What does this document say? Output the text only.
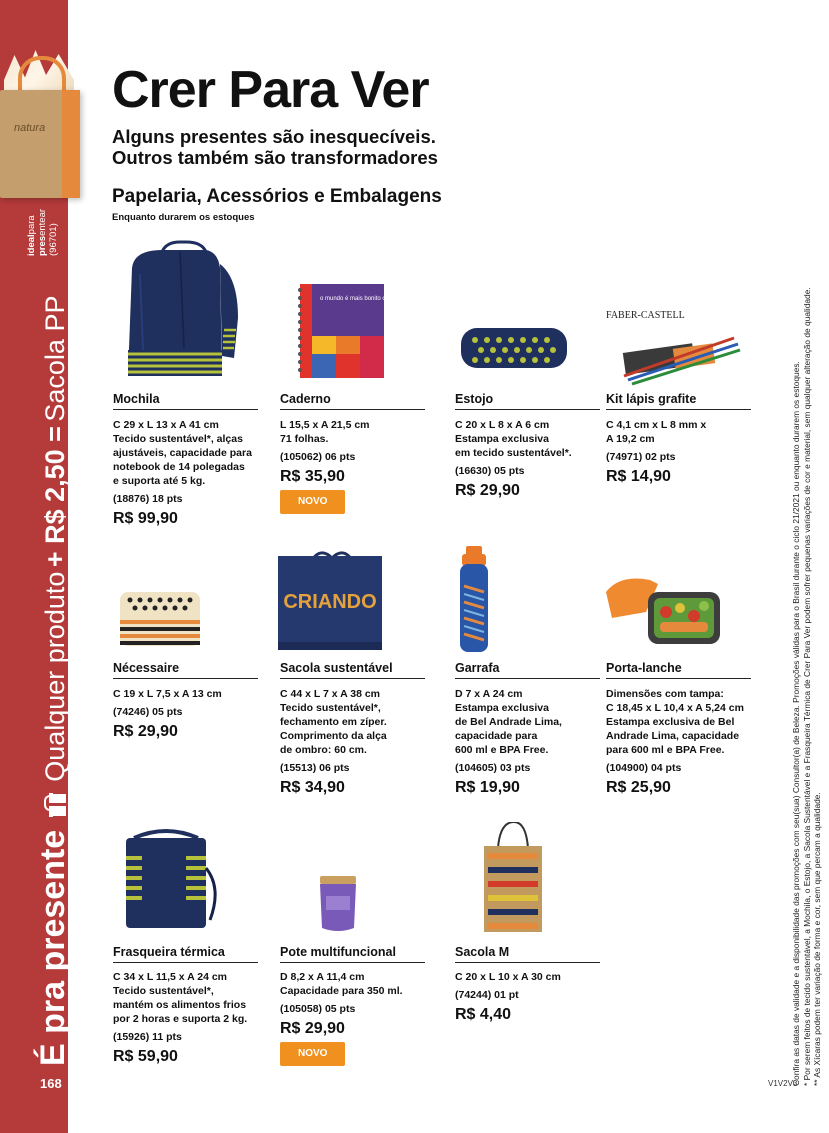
natura
idealpara
presentear
(96701)
É pra presente
Qualquer produto

+ R$ 2,50 =

Sacola PP
168
Crer Para Ver
Alguns presentes são inesquecíveis.
Outros também são transformadores
Papelaria, Acessórios e Embalagens
Enquanto durarem os estoques
Mochila
C 29 x L 13 x A 41 cm
Tecido sustentável*, alças
ajustáveis, capacidade para
notebook de 14 polegadas
e suporta até 5 kg.
(18876) 18 pts
R$ 99,90
o mundo é mais bonito com você.
Caderno
L 15,5 x A 21,5 cm
71 folhas.
(105062) 06 pts
R$ 35,90
NOVO
Estojo
C 20 x L 8 x A 6 cm
Estampa exclusiva
em tecido sustentável*.
(16630) 05 pts
R$ 29,90
FABER-CASTELL
Kit lápis grafite
C 4,1 cm x L 8 mm x
A 19,2 cm
(74971) 02 pts
R$ 14,90
Nécessaire
C 19 x L 7,5 x A 13 cm
(74246) 05 pts
R$ 29,90
CRIANDO
Sacola sustentável
C 44 x L 7 x A 38 cm
Tecido sustentável*,
fechamento em zíper.
Comprimento da alça
de ombro: 60 cm.
(15513) 06 pts
R$ 34,90
Garrafa
D 7 x A 24 cm
Estampa exclusiva
de Bel Andrade Lima,
capacidade para
600 ml e BPA Free.
(104605) 03 pts
R$ 19,90
Porta-lanche
Dimensões com tampa:
C 18,45 x L 10,4 x A 5,24 cm
Estampa exclusiva de Bel
Andrade Lima, capacidade
para 600 ml e BPA Free.
(104900) 04 pts
R$ 25,90
Frasqueira térmica
C 34 x L 11,5 x A 24 cm
Tecido sustentável*,
mantém os alimentos frios
por 2 horas e suporta 2 kg.
(15926) 11 pts
R$ 59,90
Pote multifuncional
D 8,2 x A 11,4 cm
Capacidade para 350 ml.
(105058) 05 pts
R$ 29,90
NOVO
Sacola M
C 20 x L 10 x A 30 cm
(74244) 01 pt
R$ 4,40	Confira as datas de validade e a disponibilidade das promoções com seu(sua) Consultor(a) de Beleza. Promoções válidas para o Brasil durante o ciclo 21/2021 ou enquanto durarem os estoques. * Por serem feitos de tecido sustentável, a Mochila, o Estojo, a Sacola Sustentável e a Frasqueira Térmica de Crer Para Ver podem sofrer pequenas variações de cor e material, sem qualquer alteração de qualidade. ** As Xícaras podem ter variação de forma e cor, sem que percam a qualidade.
V1V2V3
